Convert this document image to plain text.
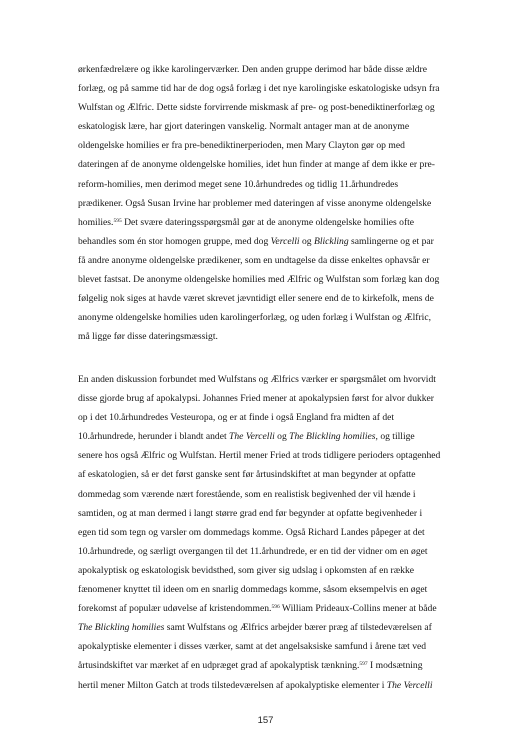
ørkenfædrelære og ikke karolingerværker. Den anden gruppe derimod har både disse ældre
forlæg, og på samme tid har de dog også forlæg i det nye karolingiske eskatologiske udsyn fra
Wulfstan og Ælfric. Dette sidste forvirrende miskmask af pre- og post-benediktinerforlæg og
eskatologisk lære, har gjort dateringen vanskelig. Normalt antager man at de anonyme
oldengelske homilies er fra pre-benediktinerperioden, men Mary Clayton gør op med
dateringen af de anonyme oldengelske homilies, idet hun finder at mange af dem ikke er pre-
reform-homilies, men derimod meget sene 10.århundredes og tidlig 11.århundredes
prædikener. Også Susan Irvine har problemer med dateringen af visse anonyme oldengelske
homilies.$^{595}$ Det svære dateringsspørgsmål gør at de anonyme oldengelske homilies ofte
behandles som én stor homogen gruppe, med dog Vercelli og Blickling samlingerne og et par
få andre anonyme oldengelske prædikener, som en undtagelse da disse enkeltes ophavsår er
blevet fastsat. De anonyme oldengelske homilies med Ælfric og Wulfstan som forlæg kan dog
følgelig nok siges at havde været skrevet jævntidigt eller senere end de to kirkefolk, mens de
anonyme oldengelske homilies uden karolingerforlæg, og uden forlæg i Wulfstan og Ælfric,
må ligge før disse dateringsmæssigt.
En anden diskussion forbundet med Wulfstans og Ælfrics værker er spørgsmålet om hvorvidt
disse gjorde brug af apokalypsi. Johannes Fried mener at apokalypsien først for alvor dukker
op i det 10.århundredes Vesteuropa, og er at finde i også England fra midten af det
10.århundrede, herunder i blandt andet The Vercelli og The Blickling homilies, og tillige
senere hos også Ælfric og Wulfstan. Hertil mener Fried at trods tidligere perioders optagenhed
af eskatologien, så er det først ganske sent før årtusindskiftet at man begynder at opfatte
dommedag som værende nært forestående, som en realistisk begivenhed der vil hænde i
samtiden, og at man dermed i langt større grad end før begynder at opfatte begivenheder i
egen tid som tegn og varsler om dommedags komme. Også Richard Landes påpeger at det
10.århundrede, og særligt overgangen til det 11.århundrede, er en tid der vidner om en øget
apokalyptisk og eskatologisk bevidsthed, som giver sig udslag i opkomsten af en række
fænomener knyttet til ideen om en snarlig dommedags komme, såsom eksempelvis en øget
forekomst af populær udøvelse af kristendommen.$^{596}$ William Prideaux-Collins mener at både
The Blickling homilies samt Wulfstans og Ælfrics arbejder bærer præg af tilstedeværelsen af
apokalyptiske elementer i disses værker, samt at det angelsaksiske samfund i årene tæt ved
årtusindskiftet var mærket af en udpræget grad af apokalyptisk tænkning.$^{597}$ I modsætning
hertil mener Milton Gatch at trods tilstedeværelsen af apokalyptiske elementer i The Vercelli
157
